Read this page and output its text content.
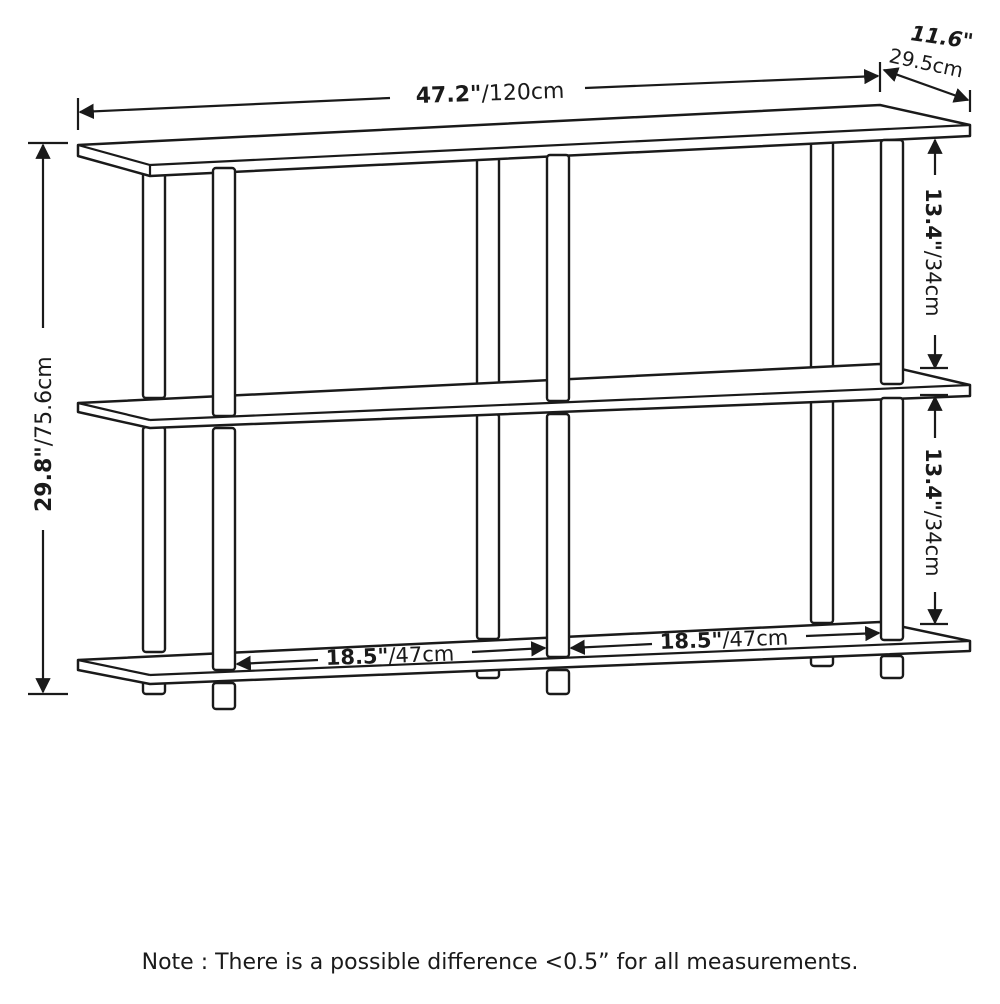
47.2"/120cm
11.6"
29.5cm
29.8"/75.6cm
13.4"/34cm
13.4"/34cm
18.5"/47cm
18.5"/47cm
Note : There is a possible difference <0.5” for all measurements.
